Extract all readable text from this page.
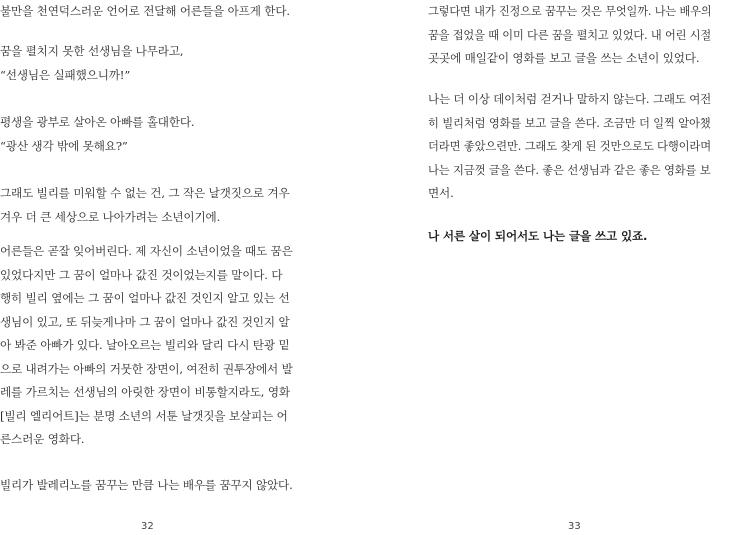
불만을 천연덕스러운 언어로 전달해 어른들을 아프게 한다.
꿈을 펼치지 못한 선생님을 나무라고,
“선생님은 실패했으니까!”
평생을 광부로 살아온 아빠를 홀대한다.
“광산 생각 밖에 못해요?”
그래도 빌리를 미워할 수 없는 건, 그 작은 날갯짓으로 겨우
겨우 더 큰 세상으로 나아가려는 소년이기에.
어른들은 곧잘 잊어버린다. 제 자신이 소년이었을 때도 꿈은
있었다지만 그 꿈이 얼마나 값진 것이었는지를 말이다. 다
행히 빌리 옆에는 그 꿈이 얼마나 값진 것인지 알고 있는 선
생님이 있고, 또 뒤늦게나마 그 꿈이 얼마나 값진 것인지 알
아 봐준 아빠가 있다. 날아오르는 빌리와 달리 다시 탄광 밑
으로 내려가는 아빠의 거뭇한 장면이, 여전히 권투장에서 발
레를 가르치는 선생님의 아릿한 장면이 비통할지라도, 영화
[빌리 엘리어트]는 분명 소년의 서툰 날갯짓을 보살피는 어
른스러운 영화다.
빌리가 발레리노를 꿈꾸는 만큼 나는 배우를 꿈꾸지 않았다.
32
그렇다면 내가 진정으로 꿈꾸는 것은 무엇일까. 나는 배우의
꿈을 접었을 때 이미 다른 꿈을 펼치고 있었다. 내 어린 시절
곳곳에 매일같이 영화를 보고 글을 쓰는 소년이 있었다.
나는 더 이상 데이처럼 걷거나 말하지 않는다. 그래도 여전
히 빌리처럼 영화를 보고 글을 쓴다. 조금만 더 일찍 알아챘
더라면 좋았으련만. 그래도 찾게 된 것만으로도 다행이라며
나는 지금껏 글을 쓴다. 좋은 선생님과 같은 좋은 영화를 보
면서.
나 서른 살이 되어서도 나는 글을 쓰고 있죠.
33
